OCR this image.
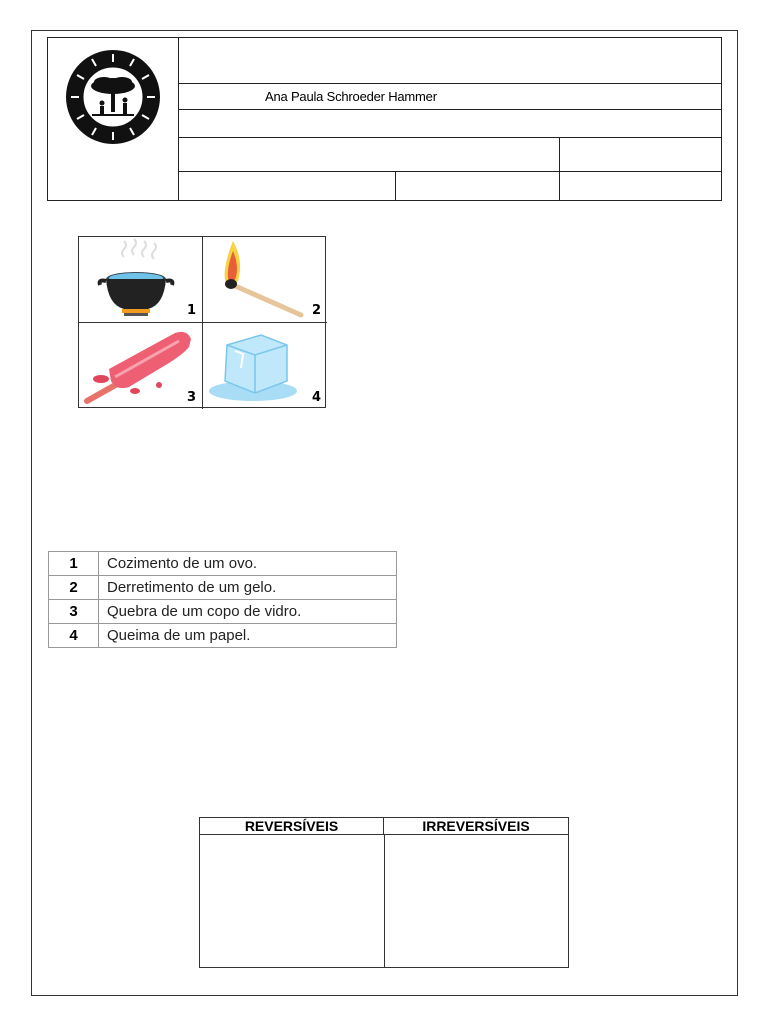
Ana Paula Schroeder Hammer
1	2
3	4
1	Cozimento de um ovo.
2	Derretimento de um gelo.
3	Quebra de um copo de vidro.
4	Queima de um papel.
REVERSÍVEIS	IRREVERSÍVEIS
